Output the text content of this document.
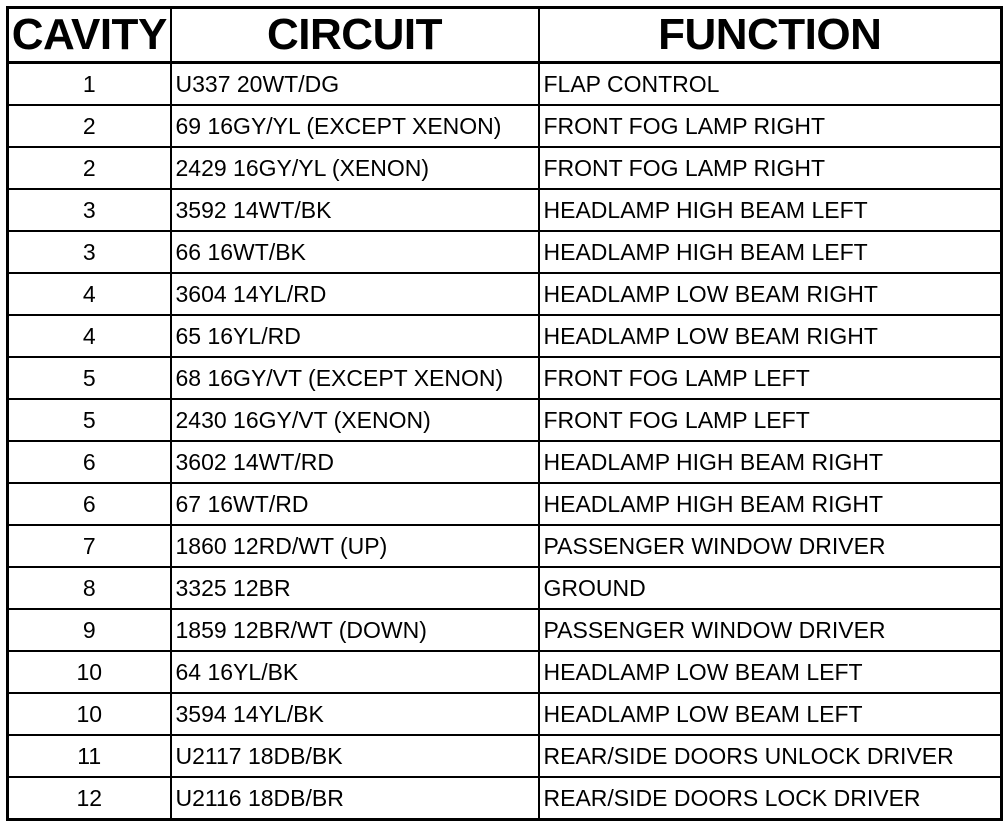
CAVITY	CIRCUIT	FUNCTION
1	U337 20WT/DG	FLAP CONTROL
2	69 16GY/YL (EXCEPT XENON)	FRONT FOG LAMP RIGHT
2	2429 16GY/YL (XENON)	FRONT FOG LAMP RIGHT
3	3592 14WT/BK	HEADLAMP HIGH BEAM LEFT
3	66 16WT/BK	HEADLAMP HIGH BEAM LEFT
4	3604 14YL/RD	HEADLAMP LOW BEAM RIGHT
4	65 16YL/RD	HEADLAMP LOW BEAM RIGHT
5	68 16GY/VT (EXCEPT XENON)	FRONT FOG LAMP LEFT
5	2430 16GY/VT (XENON)	FRONT FOG LAMP LEFT
6	3602 14WT/RD	HEADLAMP HIGH BEAM RIGHT
6	67 16WT/RD	HEADLAMP HIGH BEAM RIGHT
7	1860 12RD/WT (UP)	PASSENGER WINDOW DRIVER
8	3325 12BR	GROUND
9	1859 12BR/WT (DOWN)	PASSENGER WINDOW DRIVER
10	64 16YL/BK	HEADLAMP LOW BEAM LEFT
10	3594 14YL/BK	HEADLAMP LOW BEAM LEFT
11	U2117 18DB/BK	REAR/SIDE DOORS UNLOCK DRIVER
12	U2116 18DB/BR	REAR/SIDE DOORS LOCK DRIVER
